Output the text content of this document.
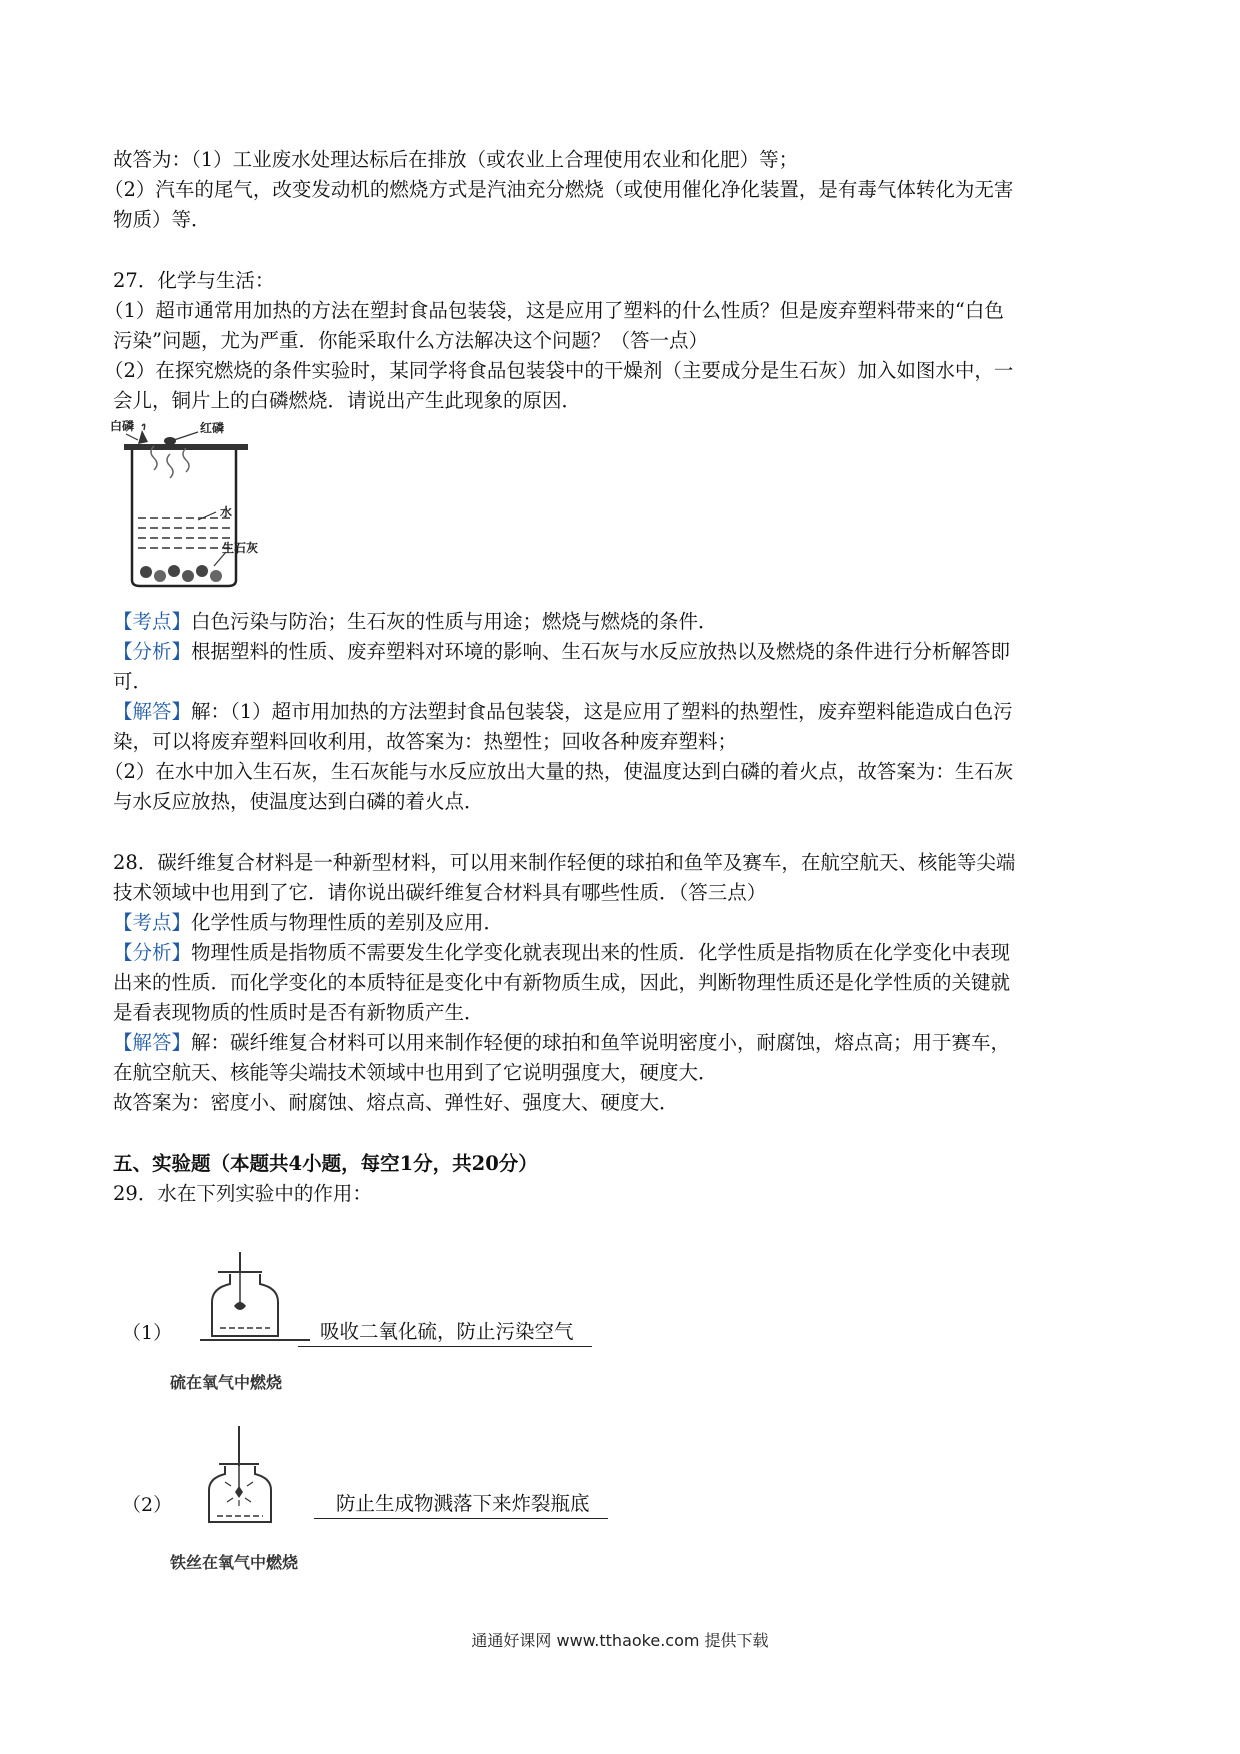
故答为：（1）工业废水处理达标后在排放（或农业上合理使用农业和化肥）等；
（2）汽车的尾气，改变发动机的燃烧方式是汽油充分燃烧（或使用催化净化装置，是有毒气体转化为无害
物质）等．
27．化学与生活：
（1）超市通常用加热的方法在塑封食品包装袋，这是应用了塑料的什么性质？但是废弃塑料带来的“白色
污染”问题，尤为严重．你能采取什么方法解决这个问题？（答一点）
（2）在探究燃烧的条件实验时，某同学将食品包装袋中的干燥剂（主要成分是生石灰）加入如图水中，一
会儿，铜片上的白磷燃烧．请说出产生此现象的原因．
白磷	红磷
水
生石灰
【考点】白色污染与防治；生石灰的性质与用途；燃烧与燃烧的条件．
【分析】根据塑料的性质、废弃塑料对环境的影响、生石灰与水反应放热以及燃烧的条件进行分析解答即
可．
【解答】解：（1）超市用加热的方法塑封食品包装袋，这是应用了塑料的热塑性，废弃塑料能造成白色污
染，可以将废弃塑料回收利用，故答案为：热塑性；回收各种废弃塑料；
（2）在水中加入生石灰，生石灰能与水反应放出大量的热，使温度达到白磷的着火点，故答案为：生石灰
与水反应放热，使温度达到白磷的着火点．
28．碳纤维复合材料是一种新型材料，可以用来制作轻便的球拍和鱼竿及赛车，在航空航天、核能等尖端
技术领域中也用到了它．请你说出碳纤维复合材料具有哪些性质．（答三点）
【考点】化学性质与物理性质的差别及应用．
【分析】物理性质是指物质不需要发生化学变化就表现出来的性质．化学性质是指物质在化学变化中表现
出来的性质．而化学变化的本质特征是变化中有新物质生成，因此，判断物理性质还是化学性质的关键就
是看表现物质的性质时是否有新物质产生．
【解答】解：碳纤维复合材料可以用来制作轻便的球拍和鱼竿说明密度小，耐腐蚀，熔点高；用于赛车，
在航空航天、核能等尖端技术领域中也用到了它说明强度大，硬度大．
故答案为：密度小、耐腐蚀、熔点高、弹性好、强度大、硬度大．
五、实验题（本题共4小题，每空1分，共20分）
29．水在下列实验中的作用：
（1）	吸收二氧化硫，防止污染空气
硫在氧气中燃烧
（2）	防止生成物溅落下来炸裂瓶底
铁丝在氧气中燃烧
通通好课网 www.tthaoke.com 提供下载
